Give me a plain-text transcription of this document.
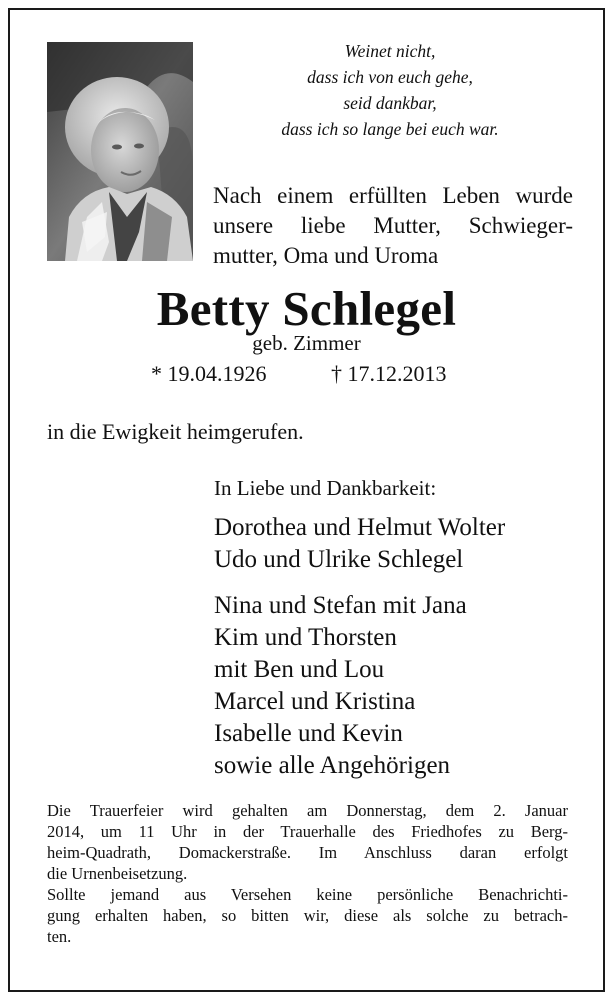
Weinet nicht,
dass ich von euch gehe,
seid dankbar,
dass ich so lange bei euch war.
Nach einem erfüllten Leben wurde
unsere liebe Mutter, Schwieger-
mutter, Oma und Uroma
Betty Schlegel
geb. Zimmer
* 19.04.1926	† 17.12.2013
in die Ewigkeit heimgerufen.
In Liebe und Dankbarkeit:
Dorothea und Helmut Wolter
Udo und Ulrike Schlegel
Nina und Stefan mit Jana
Kim und Thorsten
mit Ben und Lou
Marcel und Kristina
Isabelle und Kevin
sowie alle Angehörigen
Die Trauerfeier wird gehalten am Donnerstag, dem 2. Januar
2014, um 11 Uhr in der Trauerhalle des Friedhofes zu Berg-
heim-Quadrath, Domackerstraße. Im Anschluss daran erfolgt
die Urnenbeisetzung.
Sollte jemand aus Versehen keine persönliche Benachrichti-
gung erhalten haben, so bitten wir, diese als solche zu betrach-
ten.
